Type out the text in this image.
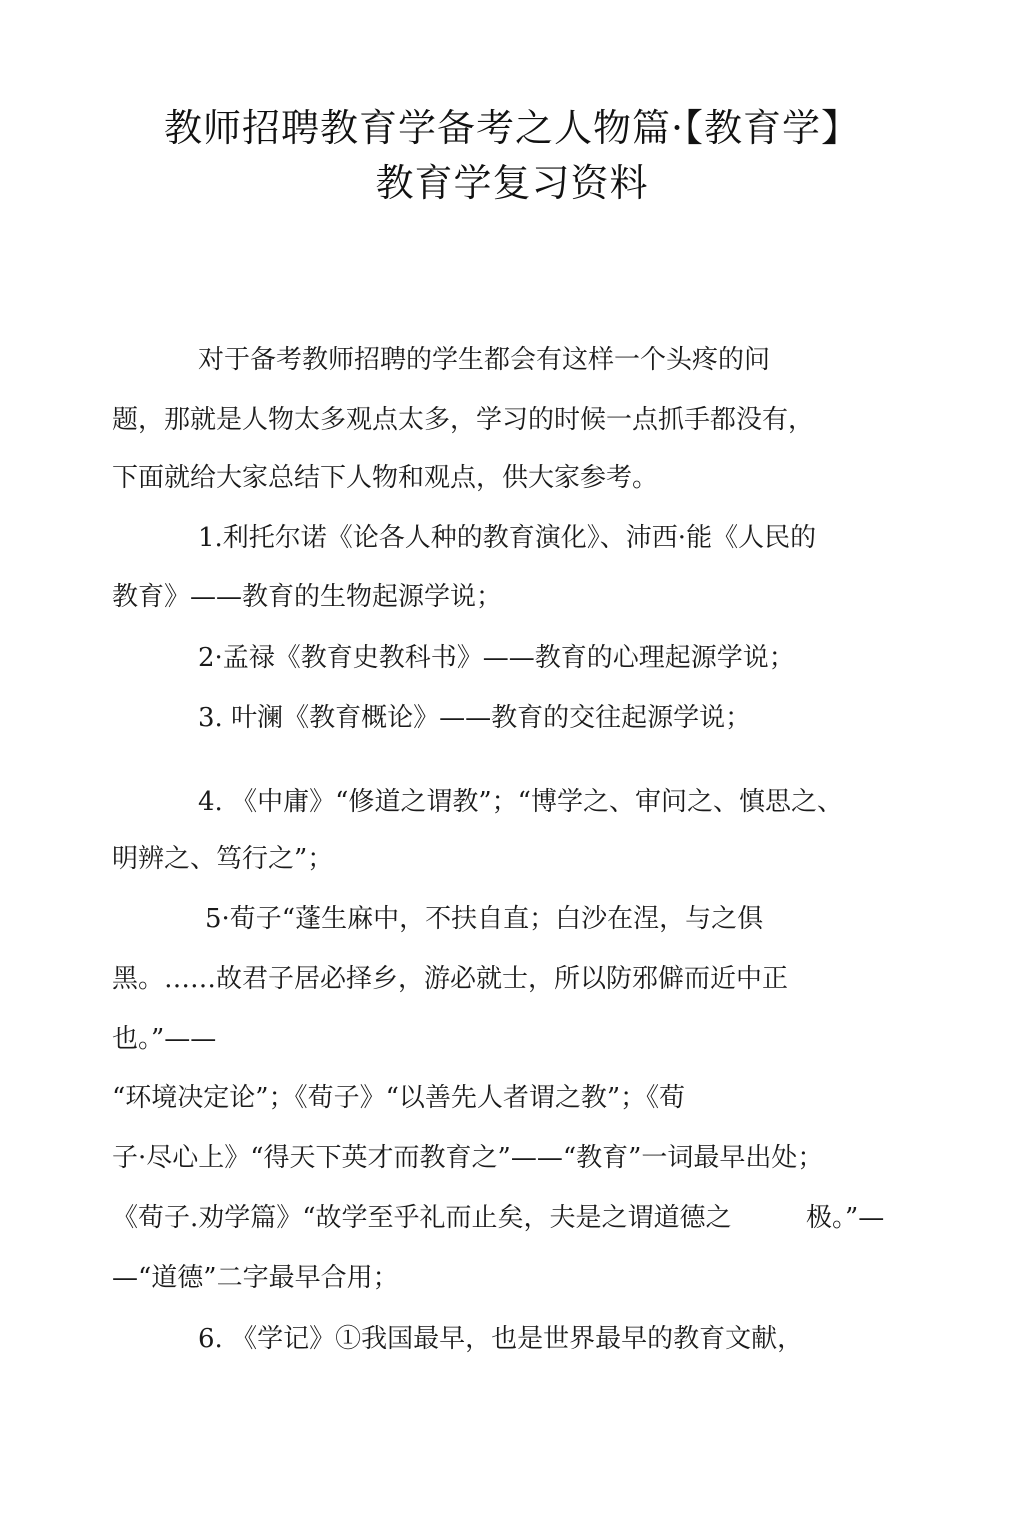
教师招聘教育学备考之人物篇·【教育学】
教育学复习资料
对于备考教师招聘的学生都会有这样一个头疼的问
题，那就是人物太多观点太多，学习的时候一点抓手都没有，
下面就给大家总结下人物和观点，供大家参考。
1.利托尔诺《论各人种的教育演化》、沛西·能《人民的
教育》——教育的生物起源学说；
2·孟禄《教育史教科书》——教育的心理起源学说；
3. 叶澜《教育概论》——教育的交往起源学说；
4. 《中庸》“修道之谓教”；“博学之、审问之、慎思之、
明辨之、笃行之”；
5·荀子“蓬生麻中，不扶自直；白沙在涅，与之俱
黑。……故君子居必择乡，游必就士，所以防邪僻而近中正
也。”——
“环境决定论”；《荀子》“以善先人者谓之教”；《荀
子·尽心上》“得天下英才而教育之”——“教育”一词最早出处；
《荀子.劝学篇》“故学至乎礼而止矣，夫是之谓道德之	极。”—
—“道德”二字最早合用；
6. 《学记》①我国最早，也是世界最早的教育文献，
